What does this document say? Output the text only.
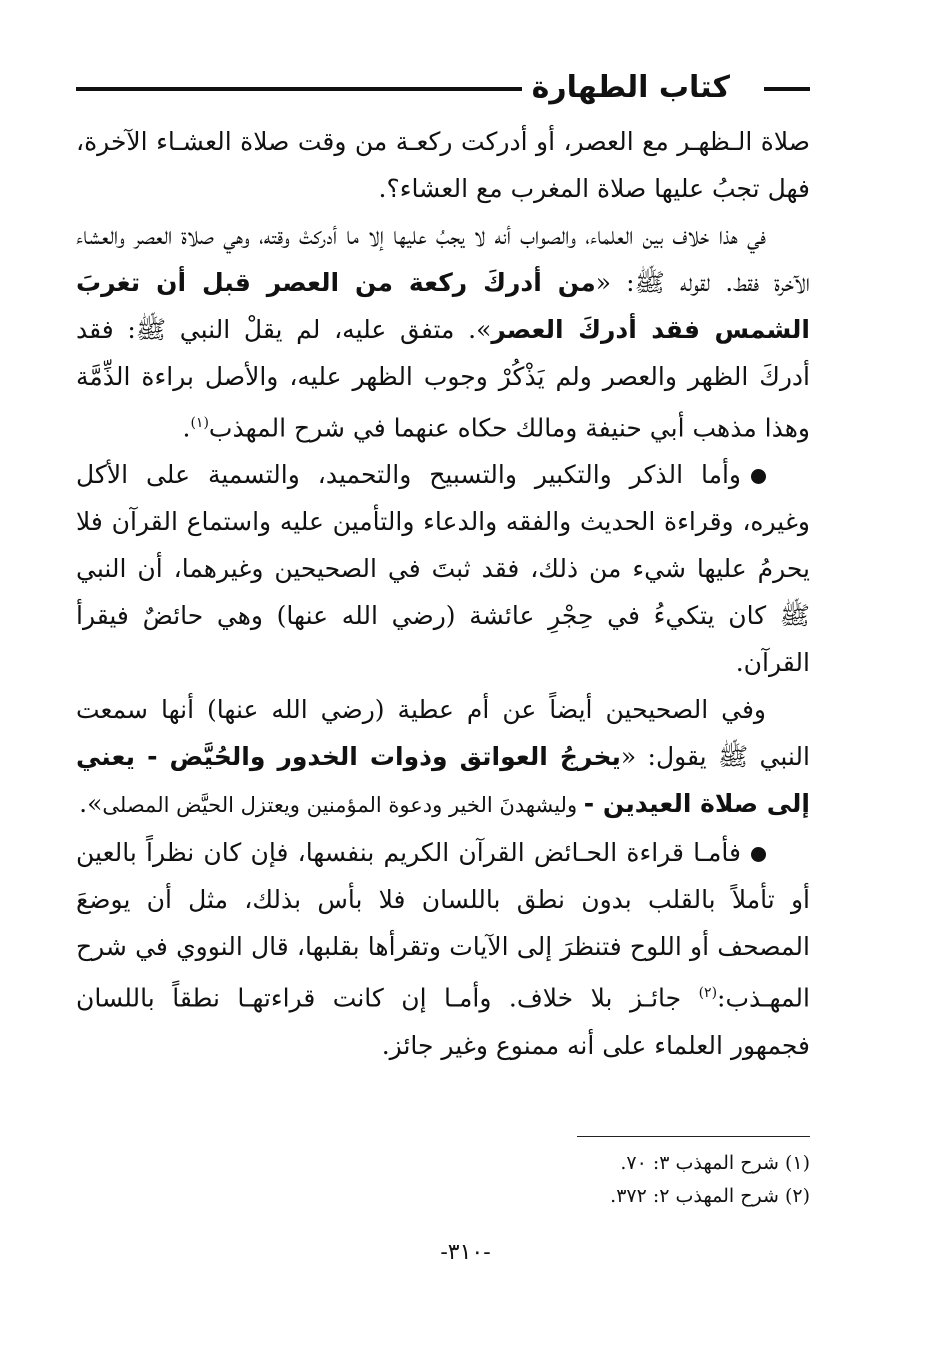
كتاب الطهارة

صلاة الـظهـر مع العصر، أو أدركت ركعـة من وقت صلاة العشـاء الآخرة، فهل تجبُ عليها صلاة المغرب مع العشاء؟.

في هذا خلاف بين العلماء، والصواب أنه لا يجبُ عليها إلا ما أدركتْ وقته، وهي صلاة العصر والعشاء الآخرة فقط. لقوله ﷺ: «من أدركَ ركعة من العصر قبل أن تغربَ الشمس فقد أدركَ العصر». متفق عليه، لم يقلْ النبي ﷺ: فقد أدركَ الظهر والعصر ولم يَذْكُرْ وجوب الظهر عليه، والأصل براءة الذِّمَّة وهذا مذهب أبي حنيفة ومالك حكاه عنهما في شرح المهذب$^{(١)}$.

وأما الذكر والتكبير والتسبيح والتحميد، والتسمية على الأكل وغيره، وقراءة الحديث والفقه والدعاء والتأمين عليه واستماع القرآن فلا يحرمُ عليها شيء من ذلك، فقد ثبتَ في الصحيحين وغيرهما، أن النبي ﷺ كان يتكيءُ في حِجْرِ عائشة (رضي الله عنها) وهي حائضٌ فيقرأ القرآن.

وفي الصحيحين أيضاً عن أم عطية (رضي الله عنها) أنها سمعت النبي ﷺ يقول: «يخرجُ العواتق وذوات الخدور والحُيَّض - يعني إلى صلاة العيدين - وليشهدنَ الخير ودعوة المؤمنين ويعتزل الحيَّض المصلى».

فأمـا قراءة الحـائض القرآن الكريم بنفسها، فإن كان نظراً بالعين أو تأملاً بالقلب بدون نطق باللسان فلا بأس بذلك، مثل أن يوضعَ المصحف أو اللوح فتنظرَ إلى الآيات وتقرأها بقلبها، قال النووي في شرح المهـذب:$^{(٢)}$ جائـز بلا خلاف. وأمـا إن كانت قراءتهـا نطقاً باللسان فجمهور العلماء على أنه ممنوع وغير جائز.

(١) شرح المهذب ٣: ٧٠.
(٢) شرح المهذب ٢: ٣٧٢.
-٣١٠-
